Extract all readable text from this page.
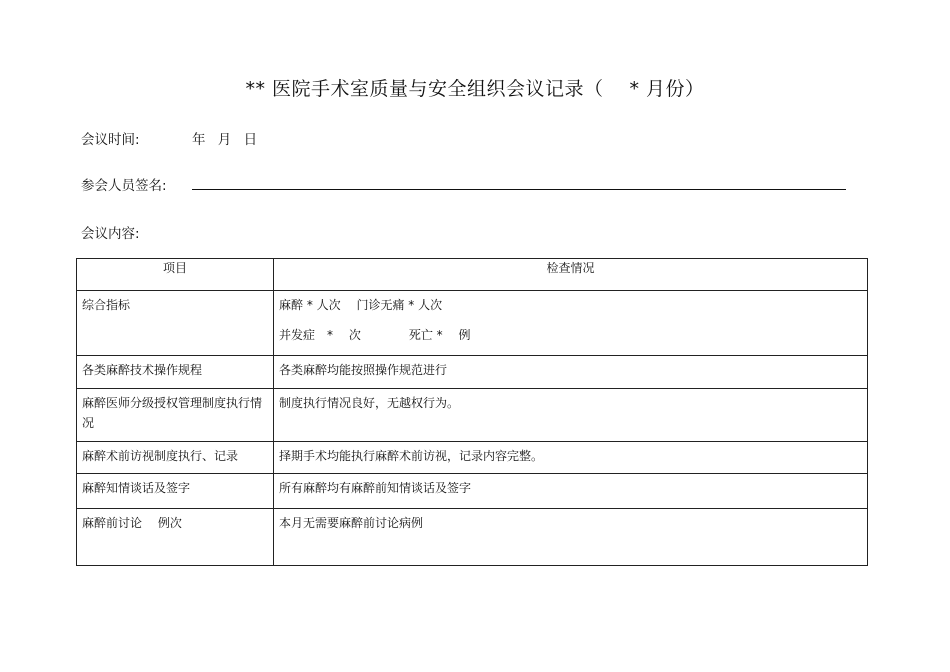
** 医院手术室质量与安全组织会议记录（ * 月份）
会议时间:	年 月 日
参会人员签名:
会议内容:
项目	检查情况

综合指标	麻醉 * 人次　 门诊无痛 * 人次
并发症　*　 次　　　　死亡 *　 例

各类麻醉技术操作规程	各类麻醉均能按照操作规范进行

麻醉医师分级授权管理制度执行情况	制度执行情况良好，无越权行为。

麻醉术前访视制度执行、记录	择期手术均能执行麻醉术前访视，记录内容完整。

麻醉知情谈话及签字	所有麻醉均有麻醉前知情谈话及签字

麻醉前讨论　 例次	本月无需要麻醉前讨论病例
